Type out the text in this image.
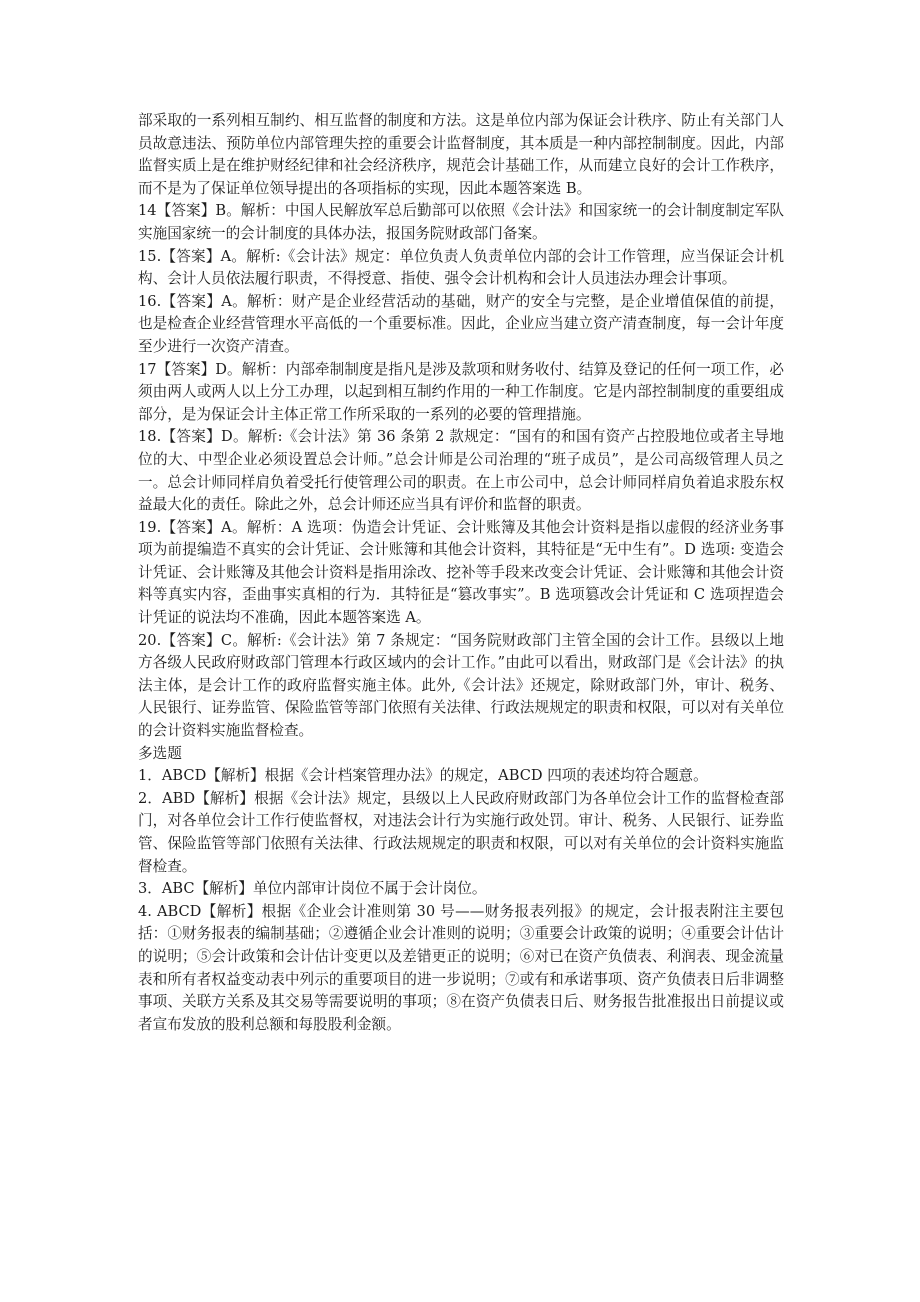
部采取的一系列相互制约、相互监督的制度和方法。这是单位内部为保证会计秩序、防止有关部门人员故意违法、预防单位内部管理失控的重要会计监督制度，其本质是一种内部控制制度。因此，内部监督实质上是在维护财经纪律和社会经济秩序，规范会计基础工作，从而建立良好的会计工作秩序，而不是为了保证单位领导提出的各项指标的实现，因此本题答案选 B。

14【答案】B。解析：中国人民解放军总后勤部可以依照《会计法》和国家统一的会计制度制定军队实施国家统一的会计制度的具体办法，报国务院财政部门备案。

15.【答案】A。解析:《会计法》规定：单位负责人负责单位内部的会计工作管理，应当保证会计机构、会计人员依法履行职责，不得授意、指使、强令会计机构和会计人员违法办理会计事项。

16.【答案】A。解析：财产是企业经营活动的基础，财产的安全与完整，是企业增值保值的前提，也是检查企业经营管理水平高低的一个重要标准。因此，企业应当建立资产清查制度，每一会计年度至少进行一次资产清查。

17【答案】D。解析：内部牵制制度是指凡是涉及款项和财务收付、结算及登记的任何一项工作，必须由两人或两人以上分工办理，以起到相互制约作用的一种工作制度。它是内部控制制度的重要组成部分，是为保证会计主体正常工作所采取的一系列的必要的管理措施。

18.【答案】D。解析:《会计法》第 36 条第 2 款规定：“国有的和国有资产占控股地位或者主导地位的大、中型企业必须设置总会计师。”总会计师是公司治理的“班子成员”，是公司高级管理人员之一。总会计师同样肩负着受托行使管理公司的职责。在上市公司中，总会计师同样肩负着追求股东权益最大化的责任。除此之外，总会计师还应当具有评价和监督的职责。

19.【答案】A。解析：A 选项：伪造会计凭证、会计账簿及其他会计资料是指以虚假的经济业务事项为前提编造不真实的会计凭证、会计账簿和其他会计资料，其特征是“无中生有”。D 选项: 变造会计凭证、会计账簿及其他会计资料是指用涂改、挖补等手段来改变会计凭证、会计账簿和其他会计资料等真实内容，歪曲事实真相的行为．其特征是“篡改事实”。B 选项篡改会计凭证和 C 选项捏造会计凭证的说法均不准确，因此本题答案选 A。

20.【答案】C。解析:《会计法》第 7 条规定：“国务院财政部门主管全国的会计工作。县级以上地方各级人民政府财政部门管理本行政区域内的会计工作。”由此可以看出，财政部门是《会计法》的执法主体，是会计工作的政府监督实施主体。此外,《会计法》还规定，除财政部门外，审计、税务、人民银行、证券监管、保险监管等部门依照有关法律、行政法规规定的职责和权限，可以对有关单位的会计资料实施监督检查。

多选题

1．ABCD【解析】根据《会计档案管理办法》的规定，ABCD 四项的表述均符合题意。

2．ABD【解析】根据《会计法》规定，县级以上人民政府财政部门为各单位会计工作的监督检查部门，对各单位会计工作行使监督权，对违法会计行为实施行政处罚。审计、税务、人民银行、证券监管、保险监管等部门依照有关法律、行政法规规定的职责和权限，可以对有关单位的会计资料实施监督检查。

3．ABC【解析】单位内部审计岗位不属于会计岗位。

4. ABCD【解析】根据《企业会计准则第 30 号——财务报表列报》的规定，会计报表附注主要包括：①财务报表的编制基础；②遵循企业会计准则的说明；③重要会计政策的说明；④重要会计估计的说明；⑤会计政策和会计估计变更以及差错更正的说明；⑥对已在资产负债表、利润表、现金流量表和所有者权益变动表中列示的重要项目的进一步说明；⑦或有和承诺事项、资产负债表日后非调整事项、关联方关系及其交易等需要说明的事项；⑧在资产负债表日后、财务报告批准报出日前提议或者宣布发放的股利总额和每股股利金额。
